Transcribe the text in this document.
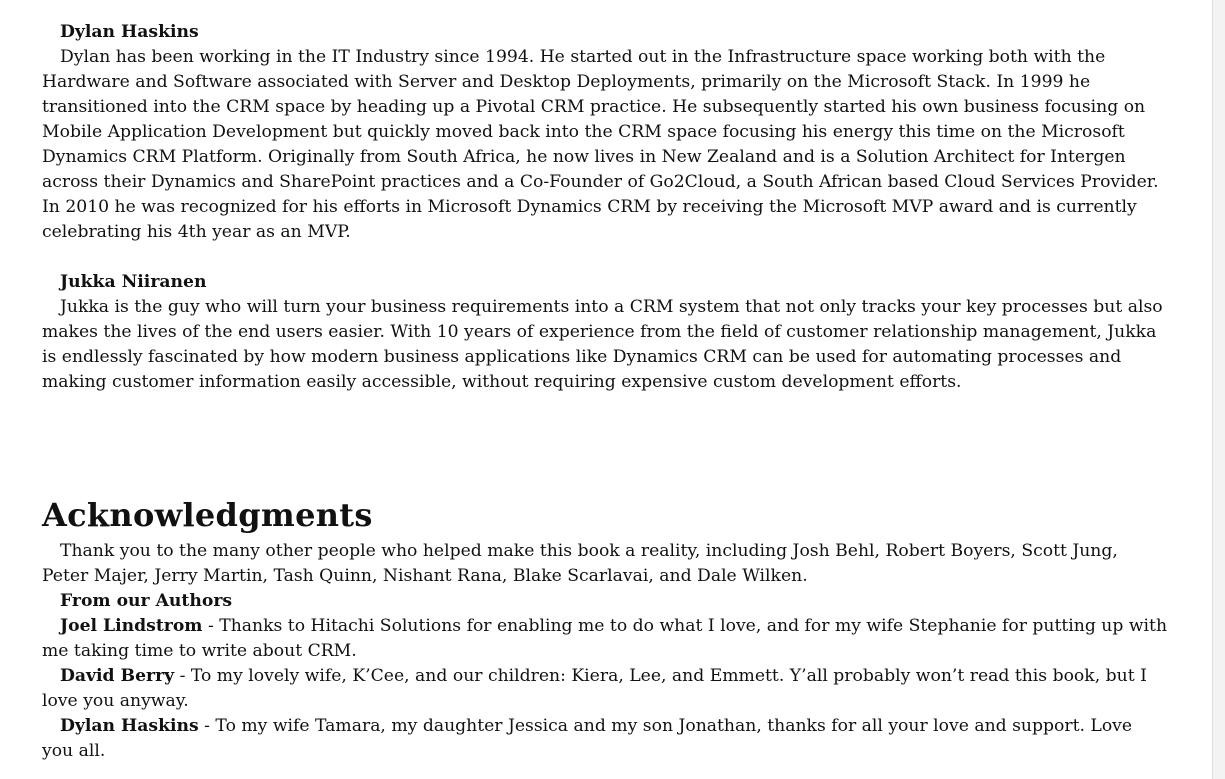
Dylan Haskins

Dylan has been working in the IT Industry since 1994. He started out in the Infrastructure space working both with the Hardware and Software associated with Server and Desktop Deployments, primarily on the Microsoft Stack. In 1999 he transitioned into the CRM space by heading up a Pivotal CRM practice. He subsequently started his own business focusing on Mobile Application Development but quickly moved back into the CRM space focusing his energy this time on the Microsoft Dynamics CRM Platform. Originally from South Africa, he now lives in New Zealand and is a Solution Architect for Intergen across their Dynamics and SharePoint practices and a Co-Founder of Go2Cloud, a South African based Cloud Services Provider. In 2010 he was recognized for his efforts in Microsoft Dynamics CRM by receiving the Microsoft MVP award and is currently celebrating his 4th year as an MVP.

Jukka Niiranen

Jukka is the guy who will turn your business requirements into a CRM system that not only tracks your key processes but also makes the lives of the end users easier. With 10 years of experience from the field of customer relationship management, Jukka is endlessly fascinated by how modern business applications like Dynamics CRM can be used for automating processes and making customer information easily accessible, without requiring expensive custom development efforts.

Acknowledgments

Thank you to the many other people who helped make this book a reality, including Josh Behl, Robert Boyers, Scott Jung, Peter Majer, Jerry Martin, Tash Quinn, Nishant Rana, Blake Scarlavai, and Dale Wilken.

From our Authors

Joel Lindstrom - Thanks to Hitachi Solutions for enabling me to do what I love, and for my wife Stephanie for putting up with me taking time to write about CRM.

David Berry - To my lovely wife, K’Cee, and our children: Kiera, Lee, and Emmett. Y’all probably won’t read this book, but I love you anyway.

Dylan Haskins - To my wife Tamara, my daughter Jessica and my son Jonathan, thanks for all your love and support. Love you all.
